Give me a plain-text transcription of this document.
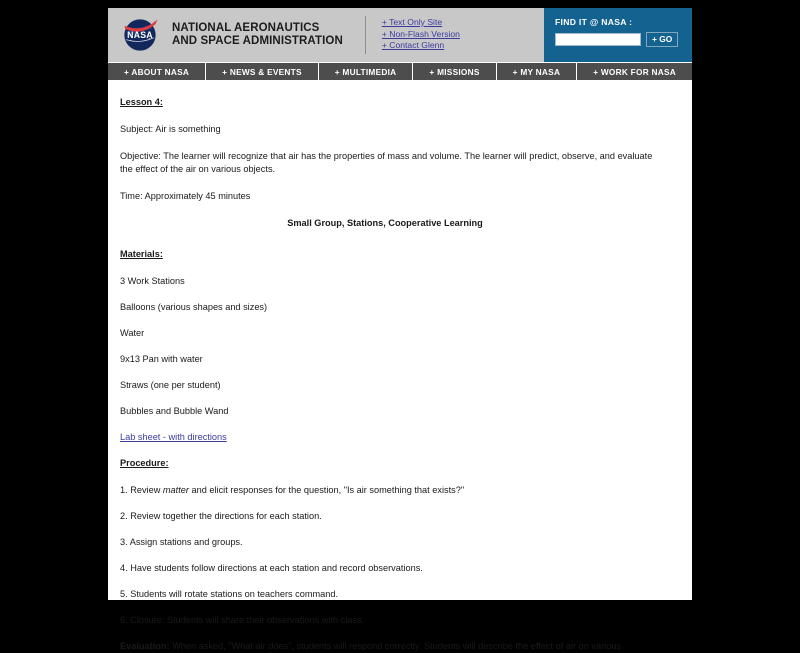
NASA
NATIONAL AERONAUTICS
AND SPACE ADMINISTRATION
+ Text Only Site
+ Non-Flash Version
+ Contact Glenn
FIND IT @ NASA :
+ GO
+ ABOUT NASA	+ NEWS & EVENTS	+ MULTIMEDIA	+ MISSIONS	+ MY NASA	+ WORK FOR NASA
Lesson 4:
Subject: Air is something
Objective: The learner will recognize that air has the properties of mass and volume. The learner will predict, observe, and evaluate the effect of the air on various objects.
Time: Approximately 45 minutes
Small Group, Stations, Cooperative Learning
Materials:
3 Work Stations
Balloons (various shapes and sizes)
Water
9x13 Pan with water
Straws (one per student)
Bubbles and Bubble Wand
Lab sheet - with directions
Procedure:
1. Review matter and elicit responses for the question, "Is air something that exists?"
2. Review together the directions for each station.
3. Assign stations and groups.
4. Have students follow directions at each station and record observations.
5. Students will rotate stations on teachers command.
6. Closure: Students will share their observations with class.
Evaluation: When asked, "What air does", students will respond correctly. Students will describe the effect of air on various
